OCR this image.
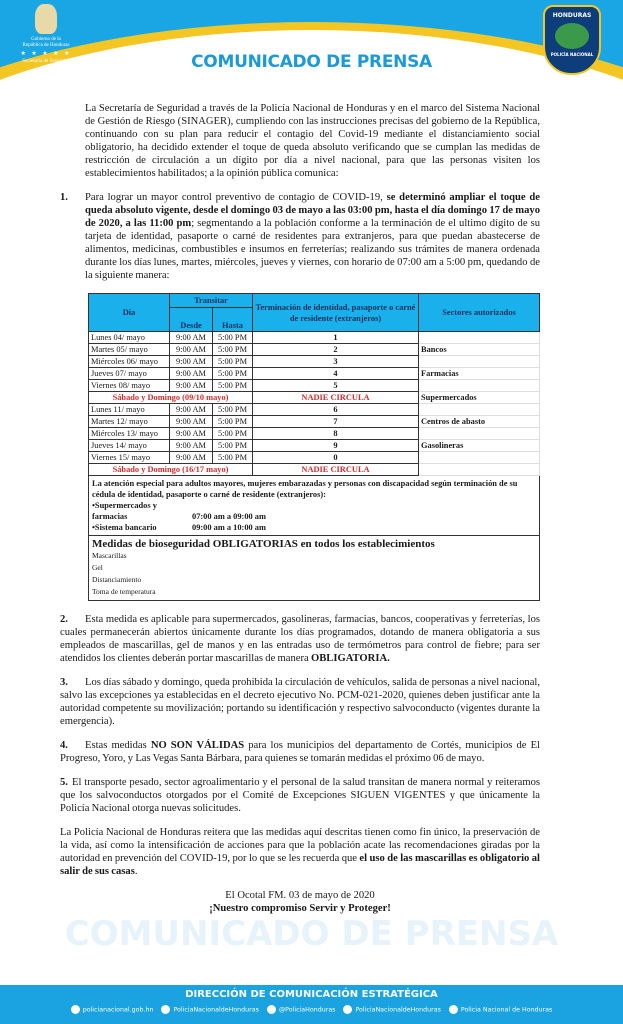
Gobierno de la
República de Honduras
★ ★ ★ ★ ★
Secretaría de Seguridad	COMUNICADO DE PRENSA
HONDURAS
POLICÍA NACIONAL
La Secretaría de Seguridad a través de la Policía Nacional de Honduras y en el marco del Sistema Nacional de Gestión de Riesgo (SINAGER), cumpliendo con las instrucciones precisas del gobierno de la República, continuando con su plan para reducir el contagio del Covid-19 mediante el distanciamiento social obligatorio, ha decidido extender el toque de queda absoluto verificando que se cumplan las medidas de restricción de circulación a un dígito por día a nivel nacional, para que las personas visiten los establecimientos habilitados; a la opinión pública comunica:
1. Para lograr un mayor control preventivo de contagio de COVID-19, se determinó ampliar el toque de queda absoluto vigente, desde el domingo 03 de mayo a las 03:00 pm, hasta el día domingo 17 de mayo de 2020, a las 11:00 pm; segmentando a la población conforme a la terminación de el ultimo dígito de su tarjeta de identidad, pasaporte o carné de residentes para extranjeros, para que puedan abastecerse de alimentos, medicinas, combustibles e insumos en ferreterías; realizando sus trámites de manera ordenada durante los días lunes, martes, miércoles, jueves y viernes, con horario de 07:00 am a 5:00 pm, quedando de la siguiente manera:
Dia	Transitar		Terminación de identidad, pasaporte o carné de residente (extranjeros)	Sectores autorizados
	Desde	Hasta		
Lunes 04/ mayo	9:00 AM	5:00 PM	1	
Martes 05/ mayo	9:00 AM	5:00 PM	2	Bancos
Miércoles 06/ mayo	9:00 AM	5:00 PM	3	
Jueves 07/ mayo	9:00 AM	5:00 PM	4	Farmacias
Viernes 08/ mayo	9:00 AM	5:00 PM	5	
Sábado y Domingo (09/10 mayo)			NADIE CIRCULA	Supermercados
Lunes 11/ mayo	9:00 AM	5:00 PM	6	
Martes 12/ mayo	9:00 AM	5:00 PM	7	Centros de abasto
Miércoles 13/ mayo	9:00 AM	5:00 PM	8	
Jueves 14/ mayo	9:00 AM	5:00 PM	9	Gasolineras
Viernes 15/ mayo	9:00 AM	5:00 PM	0	
Sábado y Domingo (16/17 mayo)			NADIE CIRCULA	

La atención especial para adultos mayores, mujeres embarazadas y personas con discapacidad según terminación de su cédula de identidad, pasaporte o carné de residente (extranjeros):
•Supermercados y farmacias 07:00 am a 09:00 am
•Sistema bancario 09:00 am a 10:00 am				

Medidas de bioseguridad OBLIGATORIAS en todos los establecimientos
Mascarillas
Gel
Distanciamiento
Toma de temperatura				
2.	Esta medida es aplicable para supermercados, gasolineras, farmacias, bancos, cooperativas y ferreterías, los cuales permanecerán abiertos únicamente durante los días programados, dotando de manera obligatoria a sus empleados de mascarillas, gel de manos y en las entradas uso de termómetros para control de fiebre; para ser atendidos los clientes deberán portar mascarillas de manera OBLIGATORIA.
3.	Los días sábado y domingo, queda prohibida la circulación de vehículos, salida de personas a nivel nacional, salvo las excepciones ya establecidas en el decreto ejecutivo No. PCM-021-2020, quienes deben justificar ante la autoridad competente su movilización; portando su identificación y respectivo salvoconducto (vigentes durante la emergencia).
4.	Estas medidas NO SON VÁLIDAS para los municipios del departamento de Cortés, municipios de El Progreso, Yoro, y Las Vegas Santa Bárbara, para quienes se tomarán medidas el próximo 06 de mayo.
5. El transporte pesado, sector agroalimentario y el personal de la salud transitan de manera normal y reiteramos que los salvoconductos otorgados por el Comité de Excepciones SIGUEN VIGENTES y que únicamente la Policía Nacional otorga nuevas solicitudes.
La Policía Nacional de Honduras reitera que las medidas aquí descritas tienen como fin único, la preservación de la vida, así como la intensificación de acciones para que la población acate las recomendaciones giradas por la autoridad en prevención del COVID-19, por lo que se les recuerda que el uso de las mascarillas es obligatorio al salir de sus casas.
El Ocotal FM. 03 de mayo de 2020
¡Nuestro compromiso Servir y Proteger!
COMUNICADO DE PRENSA
DIRECCIÓN DE COMUNICACIÓN ESTRATÉGICA
policianacional.gob.hn	PoliciaNacionaldeHonduras	@PoliciaHonduras	PoliciaNacionaldeHonduras	Policia Nacional de Honduras
